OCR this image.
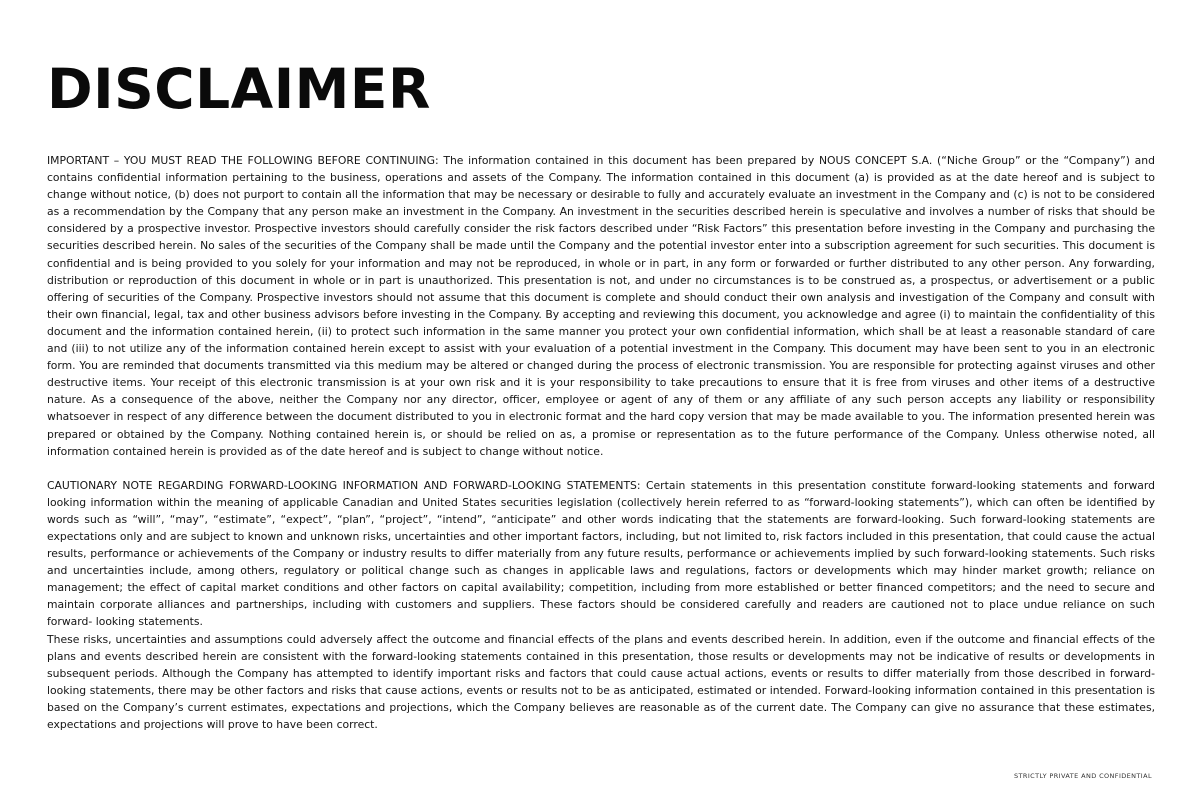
DISCLAIMER

IMPORTANT – YOU MUST READ THE FOLLOWING BEFORE CONTINUING: The information contained in this document has been prepared by NOUS CONCEPT S.A. (“Niche Group” or the “Company”) and contains confidential information pertaining to the business, operations and assets of the Company. The information contained in this document (a) is provided as at the date hereof and is subject to change without notice, (b) does not purport to contain all the information that may be necessary or desirable to fully and accurately evaluate an investment in the Company and (c) is not to be considered as a recommendation by the Company that any person make an investment in the Company. An investment in the securities described herein is speculative and involves a number of risks that should be considered by a prospective investor. Prospective investors should carefully consider the risk factors described under “Risk Factors” this presentation before investing in the Company and purchasing the securities described herein. No sales of the securities of the Company shall be made until the Company and the potential investor enter into a subscription agreement for such securities. This document is confidential and is being provided to you solely for your information and may not be reproduced, in whole or in part, in any form or forwarded or further distributed to any other person. Any forwarding, distribution or reproduction of this document in whole or in part is unauthorized. This presentation is not, and under no circumstances is to be construed as, a prospectus, or advertisement or a public offering of securities of the Company. Prospective investors should not assume that this document is complete and should conduct their own analysis and investigation of the Company and consult with their own financial, legal, tax and other business advisors before investing in the Company. By accepting and reviewing this document, you acknowledge and agree (i) to maintain the confidentiality of this document and the information contained herein, (ii) to protect such information in the same manner you protect your own confidential information, which shall be at least a reasonable standard of care and (iii) to not utilize any of the information contained herein except to assist with your evaluation of a potential investment in the Company. This document may have been sent to you in an electronic form. You are reminded that documents transmitted via this medium may be altered or changed during the process of electronic transmission. You are responsible for protecting against viruses and other destructive items. Your receipt of this electronic transmission is at your own risk and it is your responsibility to take precautions to ensure that it is free from viruses and other items of a destructive nature. As a consequence of the above, neither the Company nor any director, officer, employee or agent of any of them or any affiliate of any such person accepts any liability or responsibility whatsoever in respect of any difference between the document distributed to you in electronic format and the hard copy version that may be made available to you. The information presented herein was prepared or obtained by the Company. Nothing contained herein is, or should be relied on as, a promise or representation as to the future performance of the Company. Unless otherwise noted, all information contained herein is provided as of the date hereof and is subject to change without notice.

CAUTIONARY NOTE REGARDING FORWARD-LOOKING INFORMATION AND FORWARD-LOOKING STATEMENTS: Certain statements in this presentation constitute forward-looking statements and forward looking information within the meaning of applicable Canadian and United States securities legislation (collectively herein referred to as “forward-looking statements”), which can often be identified by words such as “will”, “may”, “estimate”, “expect”, “plan”, “project”, “intend”, “anticipate” and other words indicating that the statements are forward-looking. Such forward-looking statements are expectations only and are subject to known and unknown risks, uncertainties and other important factors, including, but not limited to, risk factors included in this presentation, that could cause the actual results, performance or achievements of the Company or industry results to differ materially from any future results, performance or achievements implied by such forward-looking statements. Such risks and uncertainties include, among others, regulatory or political change such as changes in applicable laws and regulations, factors or developments which may hinder market growth; reliance on management; the effect of capital market conditions and other factors on capital availability; competition, including from more established or better financed competitors; and the need to secure and maintain corporate alliances and partnerships, including with customers and suppliers. These factors should be considered carefully and readers are cautioned not to place undue reliance on such forward- looking statements.

These risks, uncertainties and assumptions could adversely affect the outcome and financial effects of the plans and events described herein. In addition, even if the outcome and financial effects of the plans and events described herein are consistent with the forward-looking statements contained in this presentation, those results or developments may not be indicative of results or developments in subsequent periods. Although the Company has attempted to identify important risks and factors that could cause actual actions, events or results to differ materially from those described in forward- looking statements, there may be other factors and risks that cause actions, events or results not to be as anticipated, estimated or intended. Forward-looking information contained in this presentation is based on the Company’s current estimates, expectations and projections, which the Company believes are reasonable as of the current date. The Company can give no assurance that these estimates, expectations and projections will prove to have been correct.

STRICTLY PRIVATE AND CONFIDENTIAL
